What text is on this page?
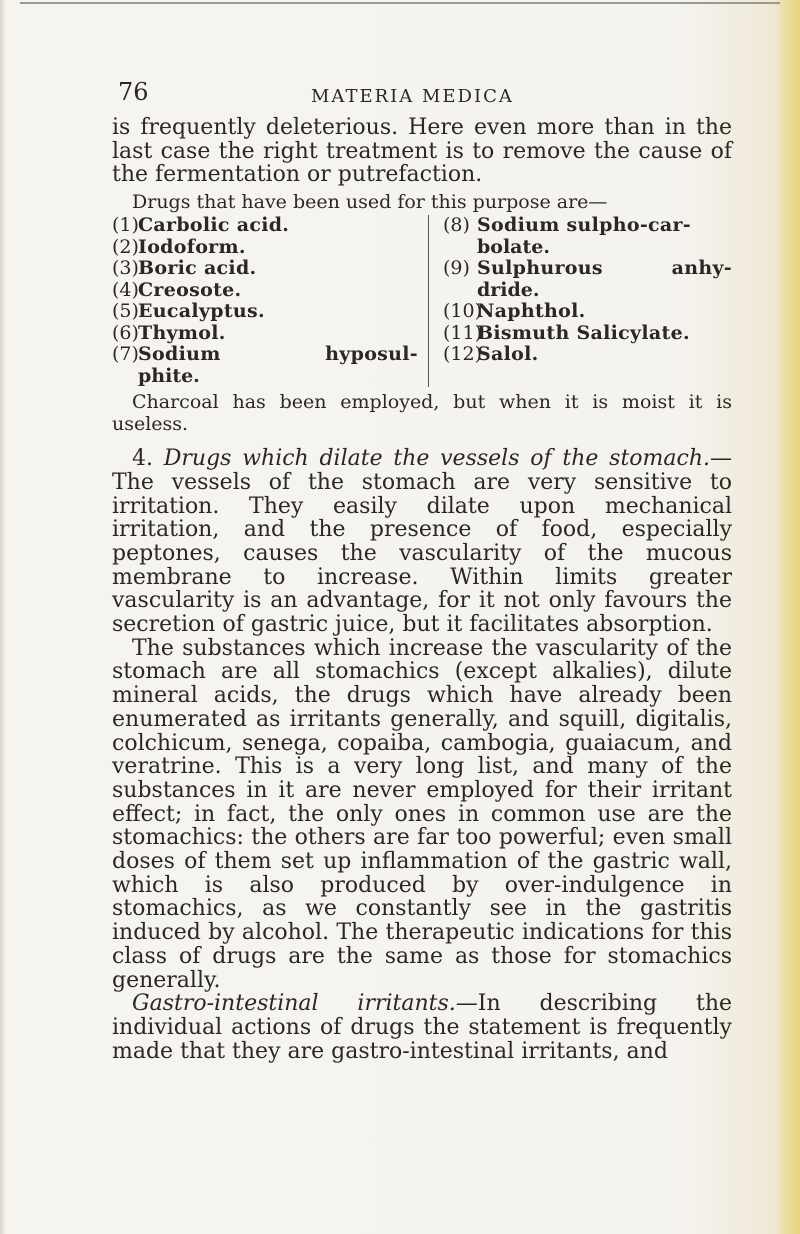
76	MATERIA MEDICA

is frequently deleterious. Here even more than in the last case the right treatment is to remove the cause of the fermentation or putrefaction.

Drugs that have been used for this purpose are—

(1) Carbolic acid.
(2) Iodoform.
(3) Boric acid.
(4) Creosote.
(5) Eucalyptus.
(6) Thymol.
(7) Sodium	hyposul-
phite.
(8) Sodium sulpho-car-
bolate.
(9) Sulphurous	anhy-
dride.
(10)
Naphthol.
(11)
Bismuth Salicylate.
(12)
Salol.

Charcoal has been employed, but when it is moist it is useless.

4. Drugs which dilate the vessels of the stomach.—The vessels of the stomach are very sensitive to irritation. They easily dilate upon mechanical irritation, and the presence of food, especially peptones, causes the vascularity of the mucous membrane to increase. Within limits greater vascularity is an advantage, for it not only favours the secretion of gastric juice, but it facilitates absorption.

The substances which increase the vascularity of the stomach are all stomachics (except alkalies), dilute mineral acids, the drugs which have already been enumerated as irritants generally, and squill, digitalis, colchicum, senega, copaiba, cambogia, guaiacum, and veratrine. This is a very long list, and many of the substances in it are never employed for their irritant effect; in fact, the only ones in common use are the stomachics: the others are far too powerful; even small doses of them set up inflammation of the gastric wall, which is also produced by over-indulgence in stomachics, as we constantly see in the gastritis induced by alcohol. The therapeutic indications for this class of drugs are the same as those for stomachics generally.

Gastro-intestinal irritants.—In describing the individual actions of drugs the statement is frequently made that they are gastro-intestinal irritants, and
